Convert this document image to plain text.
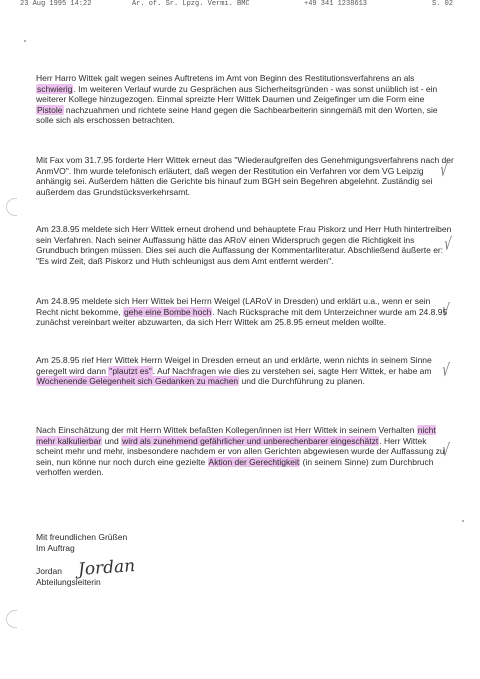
23 Aug 1995 14:22	Ar. of. Sr. Lpzg. Vermi. BMC	+49 341 1238613	S. 02

Herr Harro Wittek galt wegen seines Auftretens im Amt von Beginn des Restitutionsverfahrens an als schwierig. Im weiteren Verlauf wurde zu Gesprächen aus Sicherheitsgründen - was sonst unüblich ist - ein weiterer Kollege hinzugezogen. Einmal spreizte Herr Wittek Daumen und Zeigefinger um die Form eine Pistole nachzuahmen und richtete seine Hand gegen die Sachbearbeiterin sinngemäß mit den Worten, sie solle sich als erschossen betrachten.

Mit Fax vom 31.7.95 forderte Herr Wittek erneut das "Wiederaufgreifen des Genehmigungsverfahrens nach der AnmVO". Ihm wurde telefonisch erläutert, daß wegen der Restitution ein Verfahren vor dem VG Leipzig anhängig sei. Außerdem hätten die Gerichte bis hinauf zum BGH sein Begehren abgelehnt. Zuständig sei außerdem das Grundstücksverkehrsamt.

Am 23.8.95 meldete sich Herr Wittek erneut drohend und behauptete Frau Piskorz und Herr Huth hintertreiben sein Verfahren. Nach seiner Auffassung hätte das ARoV einen Widerspruch gegen die Richtigkeit ins Grundbuch bringen müssen. Dies sei auch die Auffassung der Kommentarliteratur. Abschließend äußerte er: "Es wird Zeit, daß Piskorz und Huth schleunigst aus dem Amt entfernt werden".

Am 24.8.95 meldete sich Herr Wittek bei Herrn Weigel (LARoV in Dresden) und erklärt u.a., wenn er sein Recht nicht bekomme, gehe eine Bombe hoch. Nach Rücksprache mit dem Unterzeichner wurde am 24.8.95 zunächst vereinbart weiter abzuwarten, da sich Herr Wittek am 25.8.95 erneut melden wollte.

Am 25.8.95 rief Herr Wittek Herrn Weigel in Dresden erneut an und erklärte, wenn nichts in seinem Sinne geregelt wird dann "plautzt es". Auf Nachfragen wie dies zu verstehen sei, sagte Herr Wittek, er habe am Wochenende Gelegenheit sich Gedanken zu machen und die Durchführung zu planen.

Nach Einschätzung der mit Herrn Wittek befaßten Kollegen/innen ist Herr Wittek in seinem Verhalten nicht mehr kalkulierbar und wird als zunehmend gefährlicher und unberechenbarer eingeschätzt. Herr Wittek scheint mehr und mehr, insbesondere nachdem er von allen Gerichten abgewiesen wurde der Auffassung zu sein, nun könne nur noch durch eine gezielte Aktion der Gerechtigkeit (in seinem Sinne) zum Durchbruch verholfen werden.

√
√
√
√
√
Mit freundlichen Grüßen
Im Auftrag
Jordan
Abteilungsleiterin
Jordan
